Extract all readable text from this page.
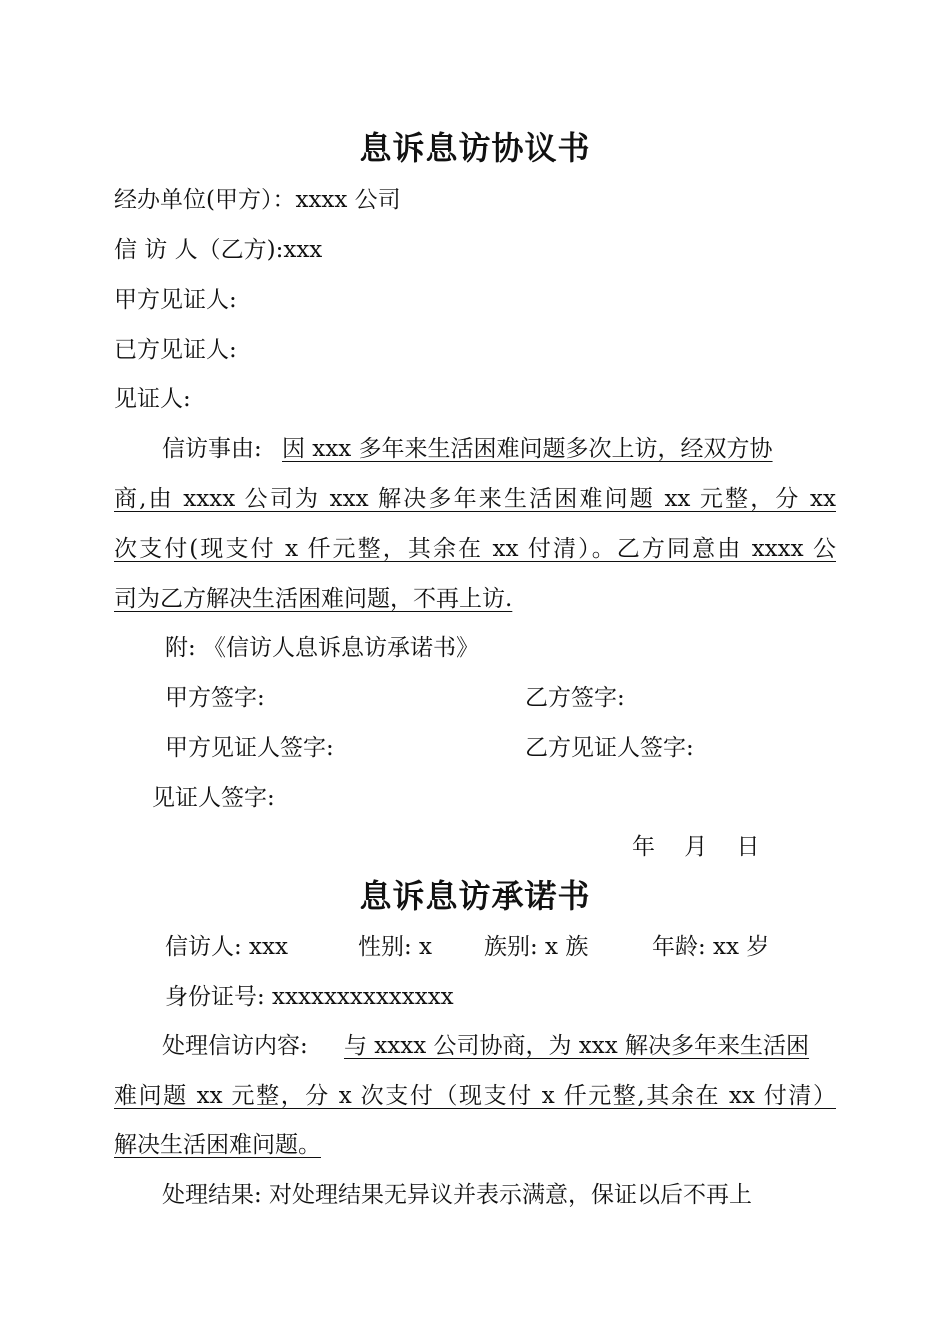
息诉息访协议书
经办单位(甲方）：xxxx 公司
信 访 人（乙方):xxx
甲方见证人:
已方见证人:
见证人:
信访事由: 因 xxx 多年来生活困难问题多次上访，经双方协
商,由 xxxx 公司为 xxx 解决多年来生活困难问题 xx 元整，分 xx
次支付(现支付 x 仟元整，其余在 xx 付清）。乙方同意由 xxxx 公
司为乙方解决生活困难问题，不再上访.
附: 《信访人息诉息访承诺书》
甲方签字:	乙方签字:
甲方见证人签字:	乙方见证人签字:
见证人签字:
年    月    日
息诉息访承诺书
信访人: xxx	性别: x 族别: x 族	年龄: xx 岁
身份证号: xxxxxxxxxxxxxx
处理信访内容: 与 xxxx 公司协商，为 xxx 解决多年来生活困
难问题 xx 元整，分 x 次支付（现支付 x 仟元整,其余在 xx 付清）
解决生活困难问题。
处理结果: 对处理结果无异议并表示满意，保证以后不再上
